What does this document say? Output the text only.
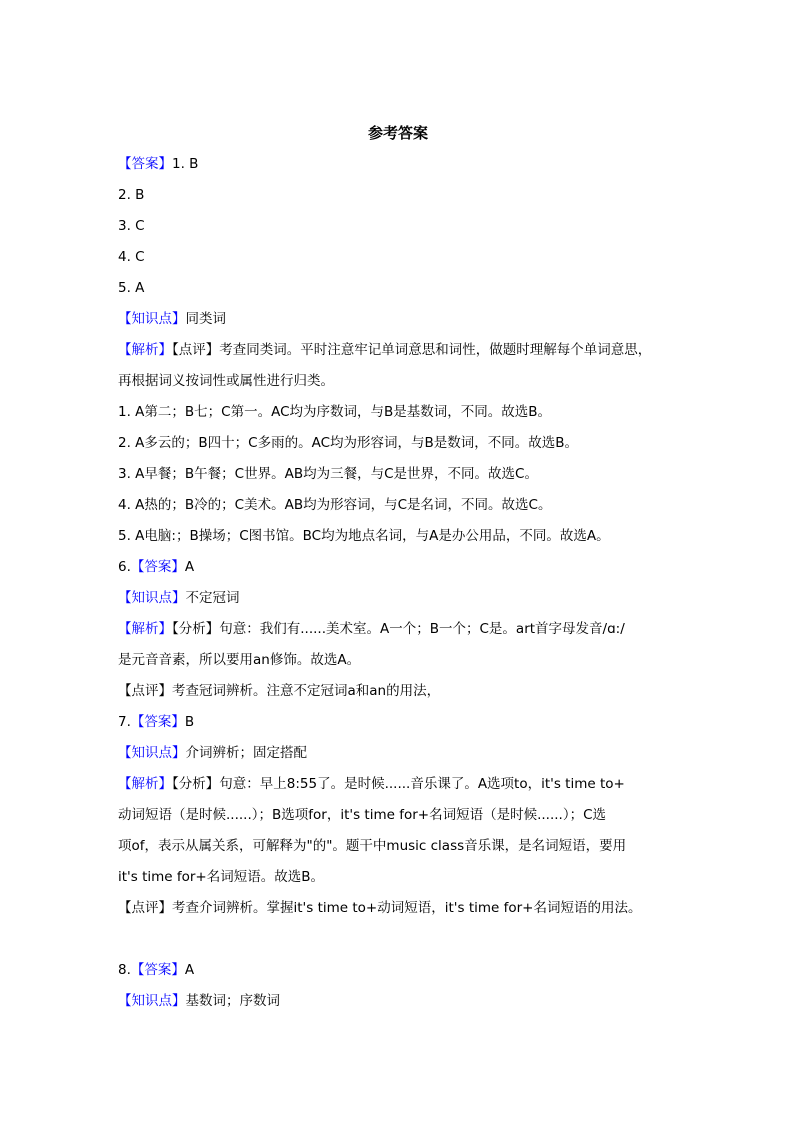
参考答案
【答案】1. B
2. B
3. C
4. C
5. A
【知识点】同类词
【解析】【点评】考查同类词。平时注意牢记单词意思和词性，做题时理解每个单词意思，
再根据词义按词性或属性进行归类。
1. A第二；B七；C第一。AC均为序数词，与B是基数词，不同。故选B。
2. A多云的；B四十；C多雨的。AC均为形容词，与B是数词，不同。故选B。
3. A早餐；B午餐；C世界。AB均为三餐，与C是世界，不同。故选C。
4. A热的；B冷的；C美术。AB均为形容词，与C是名词，不同。故选C。
5. A电脑:；B操场；C图书馆。BC均为地点名词，与A是办公用品，不同。故选A。
6.【答案】A
【知识点】不定冠词
【解析】【分析】句意：我们有......美术室。A一个；B一个；C是。art首字母发音/ɑ:/
是元音音素，所以要用an修饰。故选A。
【点评】考查冠词辨析。注意不定冠词a和an的用法，
7.【答案】B
【知识点】介词辨析；固定搭配
【解析】【分析】句意：早上8:55了。是时候......音乐课了。A选项to，it's time to+
动词短语（是时候......）；B选项for，it's time for+名词短语（是时候......）；C选
项of，表示从属关系，可解释为"的"。题干中music class音乐课，是名词短语，要用
it's time for+名词短语。故选B。
【点评】考查介词辨析。掌握it's time to+动词短语，it's time for+名词短语的用法。
8.【答案】A
【知识点】基数词；序数词
